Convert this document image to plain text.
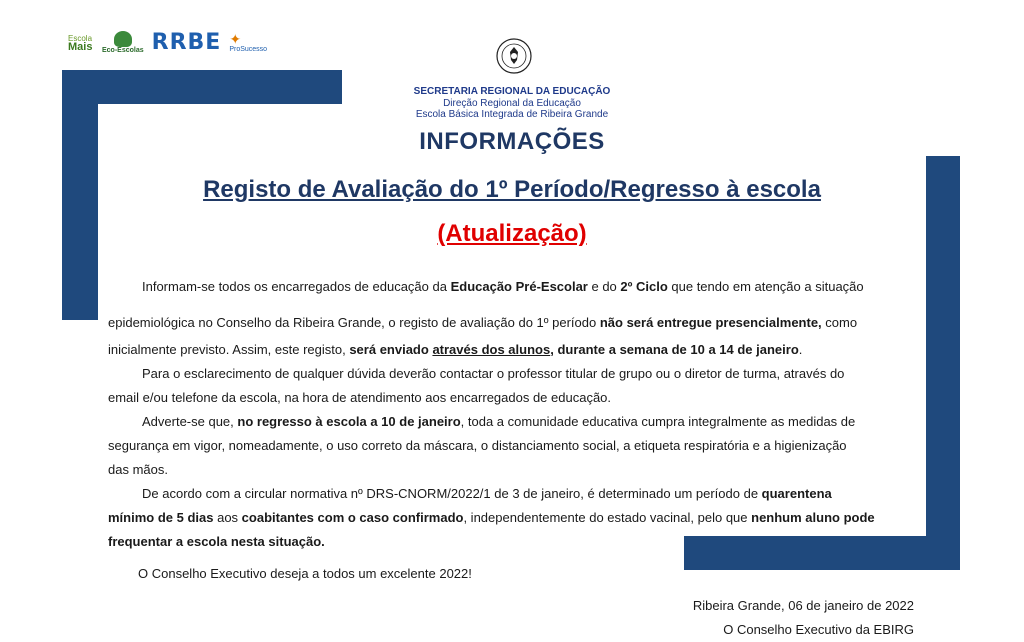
Escola
Mais Eco-Escolas RRBE ✦
ProSucesso
SECRETARIA REGIONAL DA EDUCAÇÃO
Direção Regional da Educação
Escola Básica Integrada de Ribeira Grande
INFORMAÇÕES
Registo de Avaliação do 1º Período/Regresso à escola
(Atualização)
Informam-se todos os encarregados de educação da Educação Pré-Escolar e do 2º Ciclo que tendo em atenção a situação
epidemiológica no Conselho da Ribeira Grande, o registo de avaliação do 1º período não será entregue presencialmente, como
inicialmente previsto. Assim, este registo, será enviado através dos alunos, durante a semana de 10 a 14 de janeiro.
Para o esclarecimento de qualquer dúvida deverão contactar o professor titular de grupo ou o diretor de turma, através do
email e/ou telefone da escola, na hora de atendimento aos encarregados de educação.
Adverte-se que, no regresso à escola a 10 de janeiro, toda a comunidade educativa cumpra integralmente as medidas de
segurança em vigor, nomeadamente, o uso correto da máscara, o distanciamento social, a etiqueta respiratória e a higienização
das mãos.
De acordo com a circular normativa nº DRS-CNORM/2022/1 de 3 de janeiro, é determinado um período de quarentena
mínimo de 5 dias aos coabitantes com o caso confirmado, independentemente do estado vacinal, pelo que nenhum aluno pode
frequentar a escola nesta situação.
O Conselho Executivo deseja a todos um excelente 2022!
Ribeira Grande, 06 de janeiro de 2022
O Conselho Executivo da EBIRG
